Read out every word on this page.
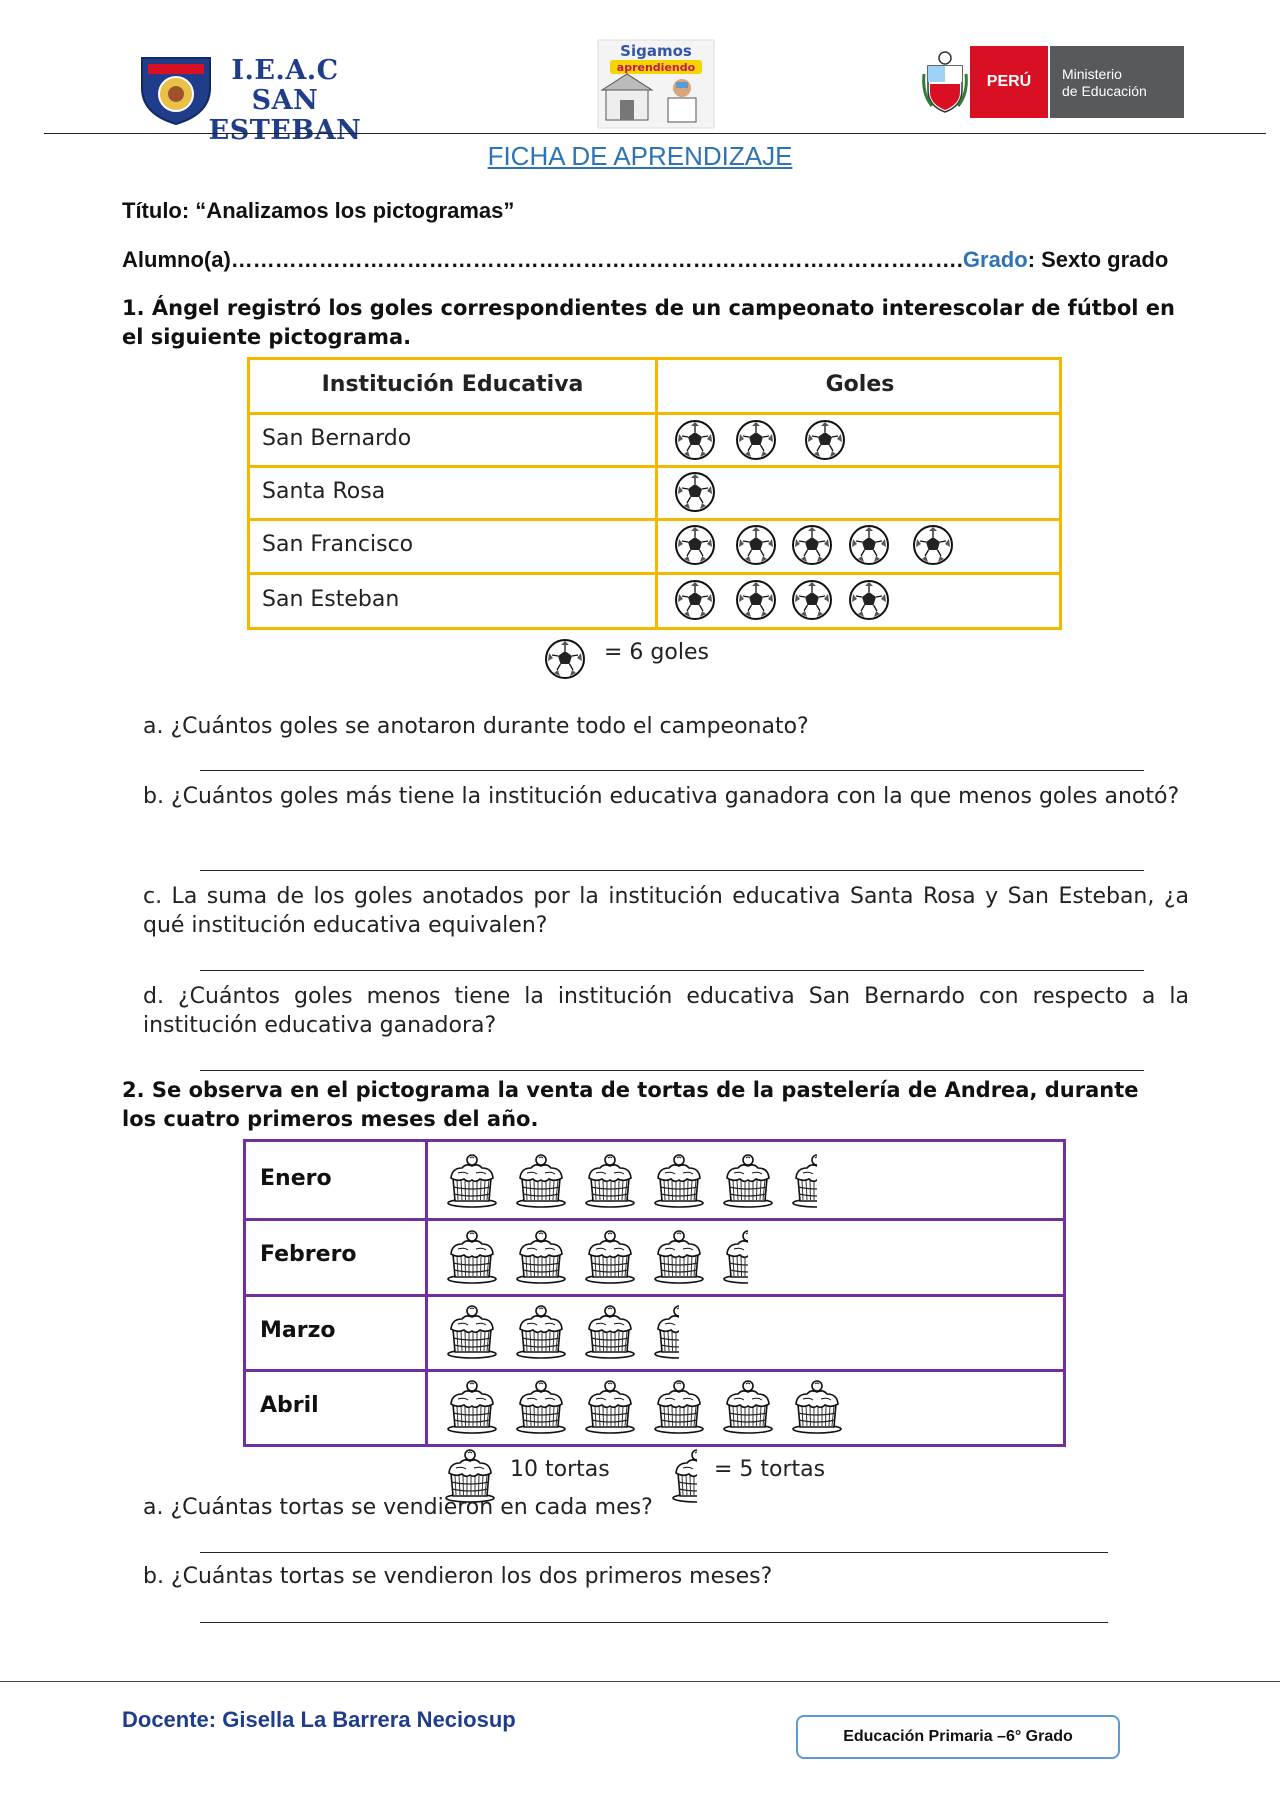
I.E.A.C
SAN ESTEBAN
Sigamos
aprendiendo
PERÚ	Ministerio
de Educación
FICHA DE APRENDIZAJE
Título: “Analizamos los pictogramas”
Alumno(a)……………………………………………………………………………………….Grado: Sexto grado
1. Ángel registró los goles correspondientes de un campeonato interescolar de fútbol en el siguiente pictograma.
Institución Educativa	Goles
San Bernardo
Santa Rosa
San Francisco
San Esteban
= 6 goles
a. ¿Cuántos goles se anotaron durante todo el campeonato?
b. ¿Cuántos goles más tiene la institución educativa ganadora con la que menos goles anotó?
c. La suma de los goles anotados por la institución educativa Santa Rosa y San Esteban, ¿a qué institución educativa equivalen?
d. ¿Cuántos goles menos tiene la institución educativa San Bernardo con respecto a la institución educativa ganadora?
2. Se observa en el pictograma la venta de tortas de la pastelería de Andrea, durante los cuatro primeros meses del año.
Enero
Febrero
Marzo
Abril
10 tortas	= 5 tortas
a. ¿Cuántas tortas se vendieron en cada mes?
b. ¿Cuántas tortas se vendieron los dos primeros meses?
Docente: Gisella La Barrera Neciosup
Educación Primaria –6° Grado
